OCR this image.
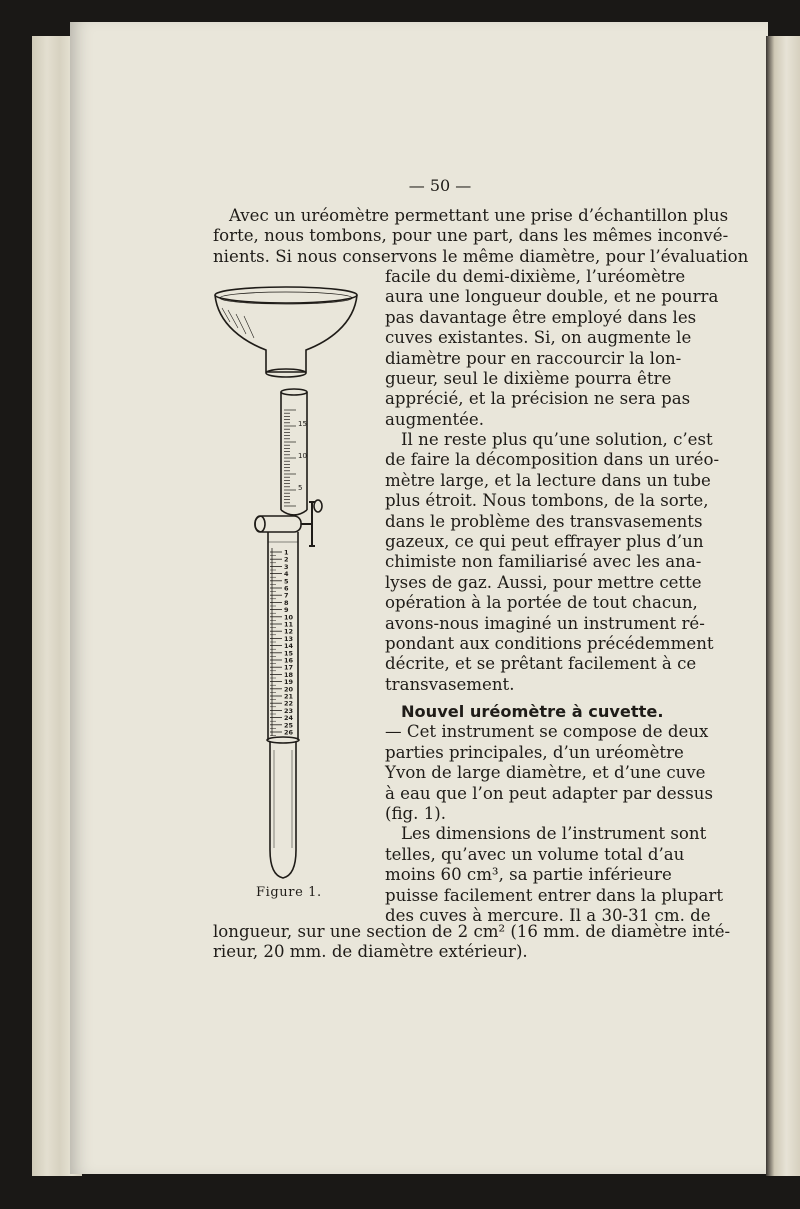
— 50 —
Avec un uréomètre permettant une prise d’échantillon plus
forte, nous tombons, pour une part, dans les mêmes inconvé-
nients. Si nous conservons le même diamètre, pour l’évaluation
facile du demi-dixième, l’uréomètre
aura une longueur double, et ne pourra
pas davantage être employé dans les
cuves existantes. Si, on augmente le
diamètre pour en raccourcir la lon-
gueur, seul le dixième pourra être
apprécié, et la précision ne sera pas
augmentée.
Il ne reste plus qu’une solution, c’est
de faire la décomposition dans un uréo-
mètre large, et la lecture dans un tube
plus étroit. Nous tombons, de la sorte,
dans le problème des transvasements
gazeux, ce qui peut effrayer plus d’un
chimiste non familiarisé avec les ana-
lyses de gaz. Aussi, pour mettre cette
opération à la portée de tout chacun,
avons-nous imaginé un instrument ré-
pondant aux conditions précédemment
décrite, et se prêtant facilement à ce
transvasement.
Nouvel uréomètre à cuvette.
— Cet instrument se compose de deux
parties principales, d’un uréomètre
Yvon de large diamètre, et d’une cuve
à eau que l’on peut adapter par dessus
(fig. 1).
Les dimensions de l’instrument sont
telles, qu’avec un volume total d’au
moins 60 cm³, sa partie inférieure
puisse facilement entrer dans la plupart
des cuves à mercure. Il a 30-31 cm. de
longueur, sur une section de 2 cm² (16 mm. de diamètre inté-
rieur, 20 mm. de diamètre extérieur).
5
10
15
1
2
3
4
5
6
7
8
9
10
11
12
13
14
15
16
17
18
19
20
21
22
23
24
25
26
Figure 1.
